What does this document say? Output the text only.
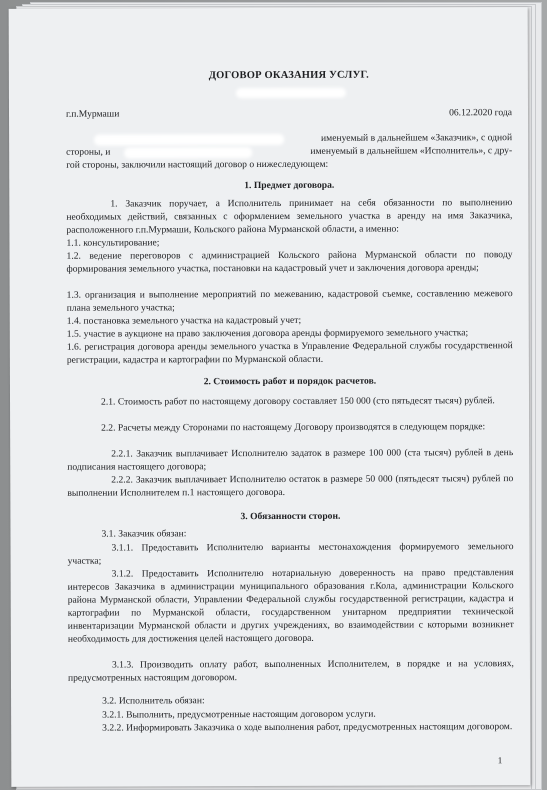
ДОГОВОР ОКАЗАНИЯ УСЛУГ.
г.п.Мурмаши	06.12.2020 года
именуемый в дальнейшем «Заказчик», с одной
стороны, и	именуемый в дальнейшем «Исполнитель», с дру-
гой стороны, заключили настоящий договор о нижеследующем:
1. Предмет договора.
1. Заказчик поручает, а Исполнитель принимает на себя обязанности по выполнению необходимых действий, связанных с оформлением земельного участка в аренду на имя Заказчика, расположенного г.п.Мурмаши, Кольского района Мурманской области, а именно:
1.1. консультирование;
1.2. ведение переговоров с администрацией Кольского района Мурманской области по поводу формирования земельного участка, постановки на кадастровый учет и заключения договора аренды;
1.3. организация и выполнение мероприятий по межеванию, кадастровой съемке, составлению межевого плана земельного участка;
1.4. постановка земельного участка на кадастровый учет;
1.5. участие в аукционе на право заключения договора аренды формируемого земельного участка;
1.6. регистрация договора аренды земельного участка в Управление Федеральной службы государственной регистрации, кадастра и картографии по Мурманской области.
2. Стоимость работ и порядок расчетов.
2.1. Стоимость работ по настоящему договору составляет 150 000 (сто пятьдесят тысяч) рублей.
2.2. Расчеты между Сторонами по настоящему Договору производятся в следующем порядке:
2.2.1. Заказчик выплачивает Исполнителю задаток в размере 100 000 (ста тысяч) рублей в день подписания настоящего договора;
2.2.2. Заказчик выплачивает Исполнителю остаток в размере 50 000 (пятьдесят тысяч) рублей по выполнении Исполнителем п.1 настоящего договора.
3. Обязанности сторон.
3.1. Заказчик обязан:
3.1.1. Предоставить Исполнителю варианты местонахождения формируемого земельного участка;
3.1.2. Предоставить Исполнителю нотариальную доверенность на право представления интересов Заказчика в администрации муниципального образования г.Кола, администрации Кольского района Мурманской области, Управлении Федеральной службы государственной регистрации, кадастра и картографии по Мурманской области, государственном унитарном предприятии технической инвентаризации Мурманской области и других учреждениях, во взаимодействии с которыми возникнет необходимость для достижения целей настоящего договора.
3.1.3. Производить оплату работ, выполненных Исполнителем, в порядке и на условиях, предусмотренных настоящим договором.
3.2. Исполнитель обязан:
3.2.1. Выполнить, предусмотренные настоящим договором услуги.
3.2.2. Информировать Заказчика о ходе выполнения работ, предусмотренных настоящим договором.
1
